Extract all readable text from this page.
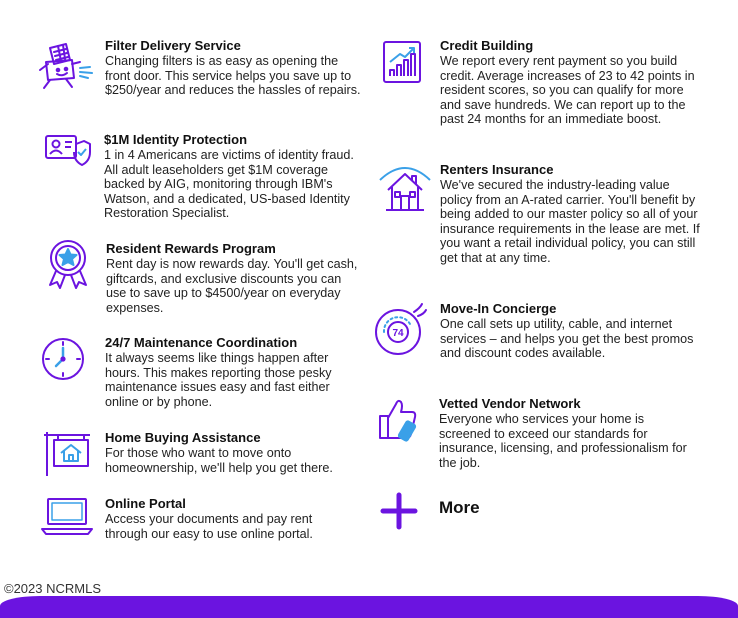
Filter Delivery Service
Changing filters is as easy as opening the front door. This service helps you save up to $250/year and reduces the hassles of repairs.
$1M Identity Protection
1 in 4 Americans are victims of identity fraud. All adult leaseholders get $1M coverage backed by AIG, monitoring through IBM's Watson, and a dedicated, US-based Identity Restoration Specialist.
Resident Rewards Program
Rent day is now rewards day. You'll get cash, giftcards, and exclusive discounts you can use to save up to $4500/year on everyday expenses.
24/7 Maintenance Coordination
It always seems like things happen after hours. This makes reporting those pesky maintenance issues easy and fast either online or by phone.
Home Buying Assistance
For those who want to move onto homeownership, we'll help you get there.
Online Portal
Access your documents and pay rent through our easy to use online portal.
Credit Building
We report every rent payment so you build credit. Average increases of 23 to 42 points in resident scores, so you can qualify for more and save hundreds. We can report up to the past 24 months for an immediate boost.
Renters Insurance
We've secured the industry-leading value policy from an A-rated carrier. You'll benefit by being added to our master policy so all of your insurance requirements in the lease are met. If you want a retail individual policy, you can still get that at any time.
74
Move-In Concierge
One call sets up utility, cable, and internet services – and helps you get the best promos and discount codes available.
Vetted Vendor Network
Everyone who services your home is screened to exceed our standards for insurance, licensing, and professionalism for the job.
More
©2023 NCRMLS
